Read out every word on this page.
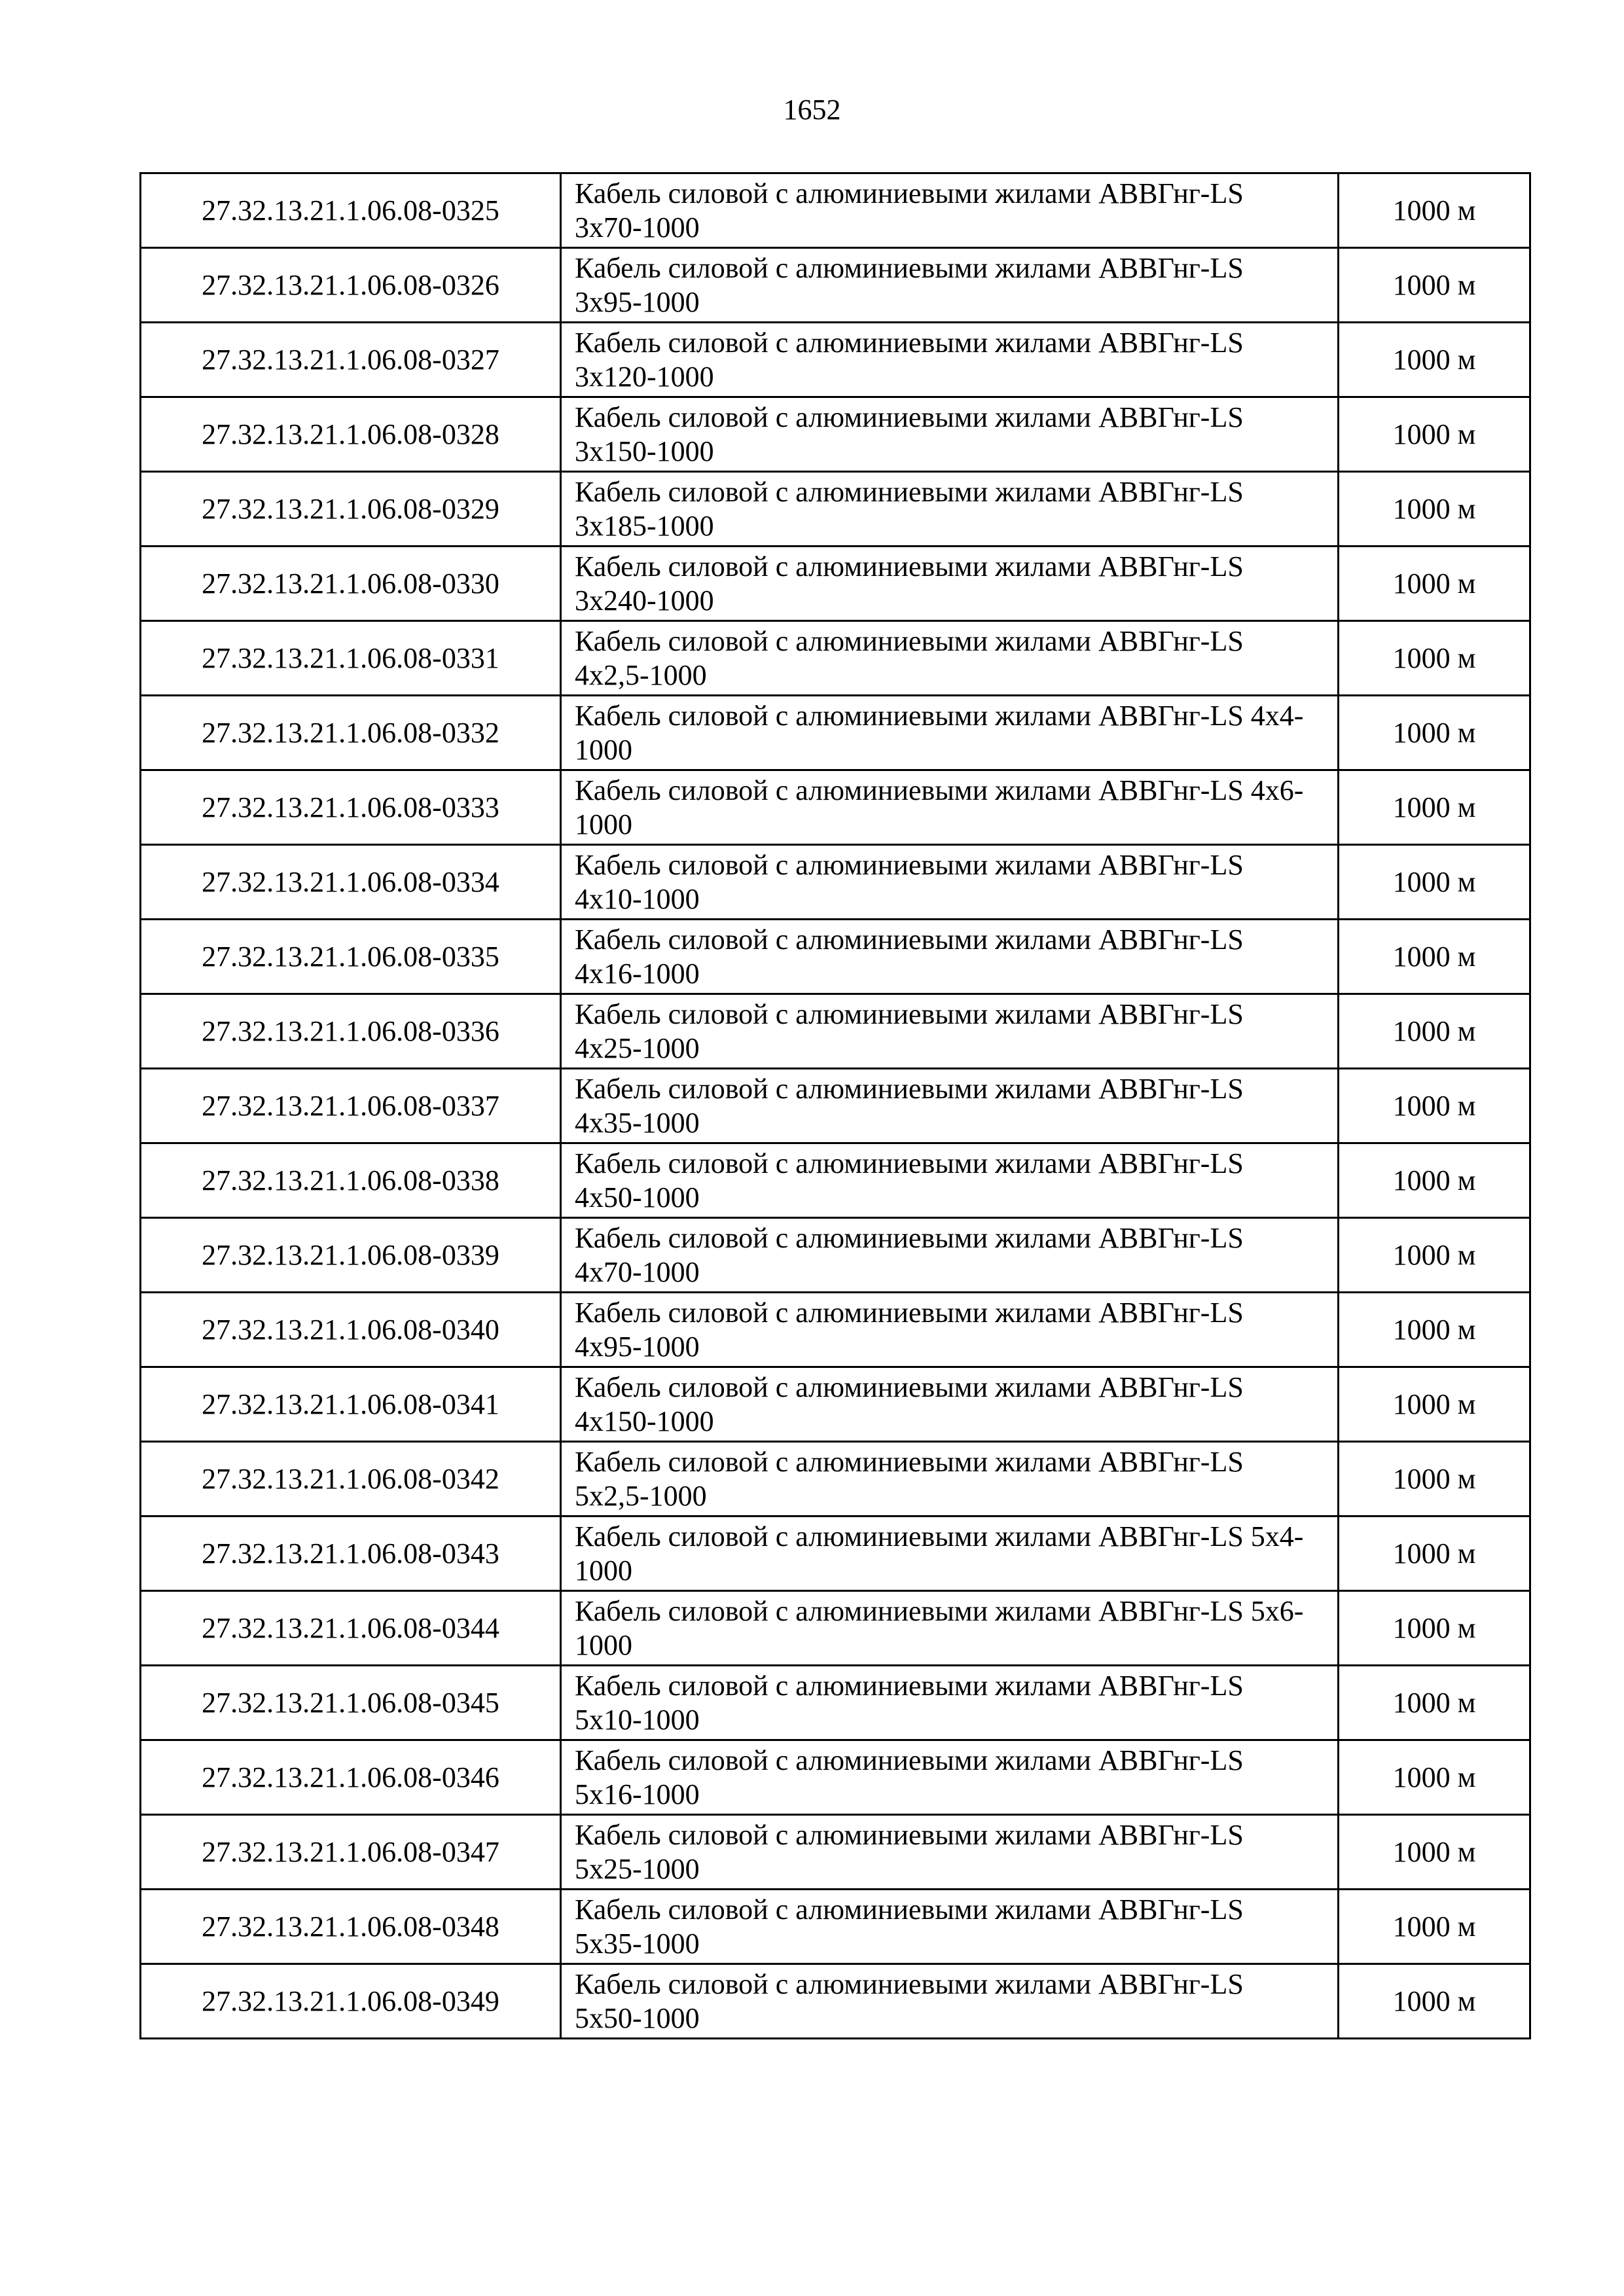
1652
27.32.13.21.1.06.08-0325	Кабель силовой с алюминиевыми жилами АВВГнг-LS 3х70-1000	1000 м
27.32.13.21.1.06.08-0326	Кабель силовой с алюминиевыми жилами АВВГнг-LS 3х95-1000	1000 м
27.32.13.21.1.06.08-0327	Кабель силовой с алюминиевыми жилами АВВГнг-LS 3х120-1000	1000 м
27.32.13.21.1.06.08-0328	Кабель силовой с алюминиевыми жилами АВВГнг-LS 3х150-1000	1000 м
27.32.13.21.1.06.08-0329	Кабель силовой с алюминиевыми жилами АВВГнг-LS 3х185-1000	1000 м
27.32.13.21.1.06.08-0330	Кабель силовой с алюминиевыми жилами АВВГнг-LS 3х240-1000	1000 м
27.32.13.21.1.06.08-0331	Кабель силовой с алюминиевыми жилами АВВГнг-LS 4х2,5-1000	1000 м
27.32.13.21.1.06.08-0332	Кабель силовой с алюминиевыми жилами АВВГнг-LS 4х4-1000	1000 м
27.32.13.21.1.06.08-0333	Кабель силовой с алюминиевыми жилами АВВГнг-LS 4х6-1000	1000 м
27.32.13.21.1.06.08-0334	Кабель силовой с алюминиевыми жилами АВВГнг-LS 4х10-1000	1000 м
27.32.13.21.1.06.08-0335	Кабель силовой с алюминиевыми жилами АВВГнг-LS 4х16-1000	1000 м
27.32.13.21.1.06.08-0336	Кабель силовой с алюминиевыми жилами АВВГнг-LS 4х25-1000	1000 м
27.32.13.21.1.06.08-0337	Кабель силовой с алюминиевыми жилами АВВГнг-LS 4х35-1000	1000 м
27.32.13.21.1.06.08-0338	Кабель силовой с алюминиевыми жилами АВВГнг-LS 4х50-1000	1000 м
27.32.13.21.1.06.08-0339	Кабель силовой с алюминиевыми жилами АВВГнг-LS 4х70-1000	1000 м
27.32.13.21.1.06.08-0340	Кабель силовой с алюминиевыми жилами АВВГнг-LS 4х95-1000	1000 м
27.32.13.21.1.06.08-0341	Кабель силовой с алюминиевыми жилами АВВГнг-LS 4х150-1000	1000 м
27.32.13.21.1.06.08-0342	Кабель силовой с алюминиевыми жилами АВВГнг-LS 5х2,5-1000	1000 м
27.32.13.21.1.06.08-0343	Кабель силовой с алюминиевыми жилами АВВГнг-LS 5х4-1000	1000 м
27.32.13.21.1.06.08-0344	Кабель силовой с алюминиевыми жилами АВВГнг-LS 5х6-1000	1000 м
27.32.13.21.1.06.08-0345	Кабель силовой с алюминиевыми жилами АВВГнг-LS 5х10-1000	1000 м
27.32.13.21.1.06.08-0346	Кабель силовой с алюминиевыми жилами АВВГнг-LS 5х16-1000	1000 м
27.32.13.21.1.06.08-0347	Кабель силовой с алюминиевыми жилами АВВГнг-LS 5х25-1000	1000 м
27.32.13.21.1.06.08-0348	Кабель силовой с алюминиевыми жилами АВВГнг-LS 5х35-1000	1000 м
27.32.13.21.1.06.08-0349	Кабель силовой с алюминиевыми жилами АВВГнг-LS 5х50-1000	1000 м
